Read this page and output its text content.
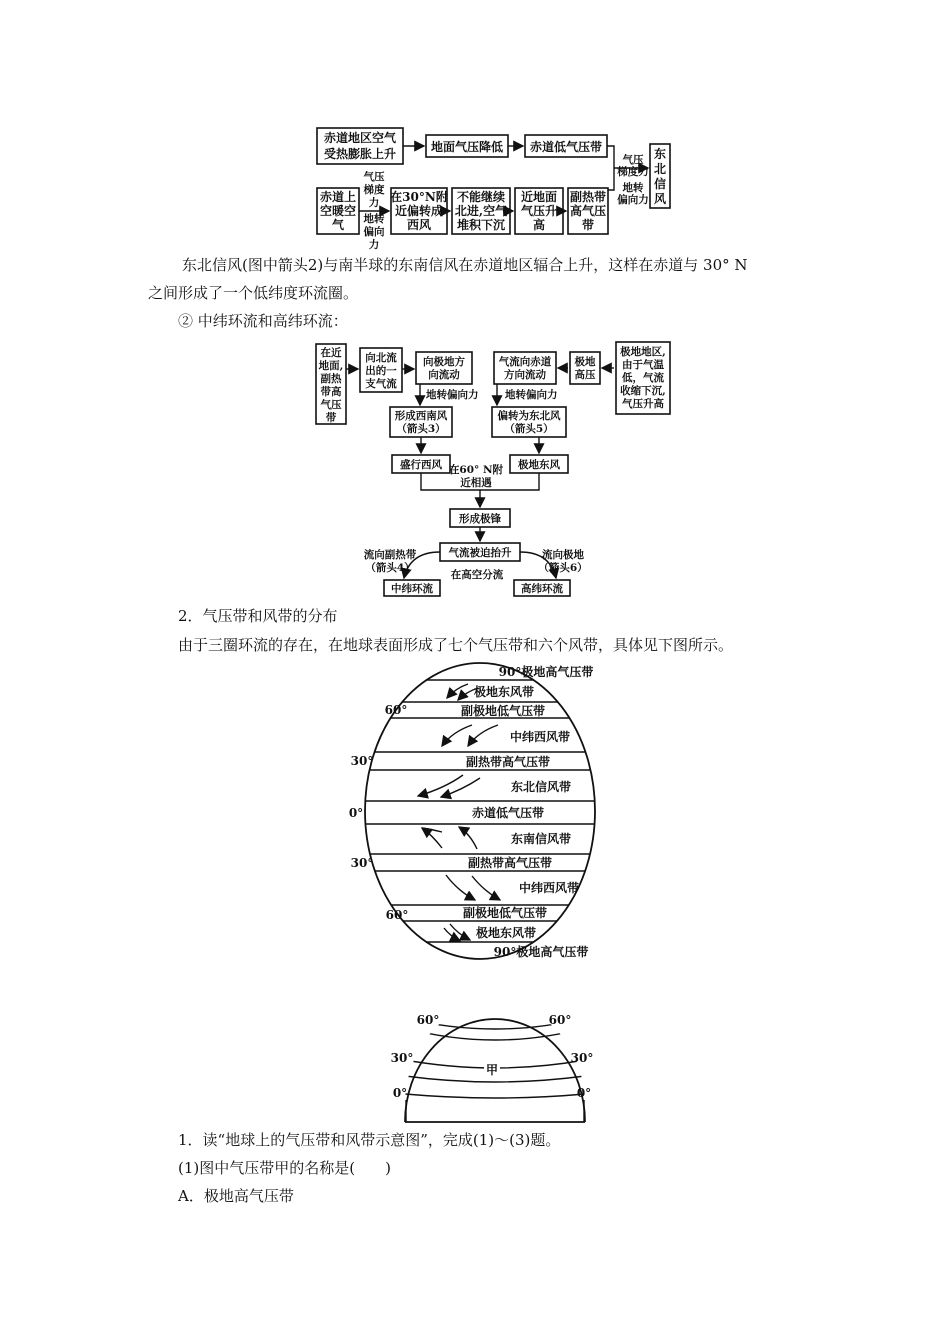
赤道地区空气
受热膨胀上升	地面气压降低 赤道低气压带
气压
梯度力
地转
偏向力
东
北
信
风
赤道上
空暖空
气
气压
梯度
力
地转
偏向
力
在30°N附
近偏转成
西风
不能继续
北进,空气
堆积下沉
近地面
气压升
高
副热带
高气压
带
在近
地面,
副热
带高
气压
带
向北流
出的一
支气流
向极地方
向流动
地转偏向力
气流向赤道
方向流动
地转偏向力
极地
高压
极地地区,
由于气温
低，气流
收缩下沉,
气压升高
形成西南风
（箭头3）
偏转为东北风
（箭头5）
盛行西风	极地东风
在60° N附
近相遇
形成极锋
气流被迫抬升
流向副热带
（箭头4）
流向极地
（箭头6）
在高空分流
中纬环流	高纬环流
90°极地高气压带
极地东风带
副极地低气压带
中纬西风带
副热带高气压带
东北信风带
赤道低气压带
东南信风带
副热带高气压带
中纬西风带
副极地低气压带
极地东风带
90°极地高气压带
60°
30°
0°
30°
60°
60°
30°
0°
60°
30°
0°
甲
东北信风(图中箭头2)与南半球的东南信风在赤道地区辐合上升，这样在赤道与 30° N
之间形成了一个低纬度环流圈。
② 中纬环流和高纬环流：
2．气压带和风带的分布
由于三圈环流的存在，在地球表面形成了七个气压带和六个风带，具体见下图所示。
1．读“地球上的气压带和风带示意图”，完成(1)～(3)题。
(1)图中气压带甲的名称是(　　)
A．极地高气压带
